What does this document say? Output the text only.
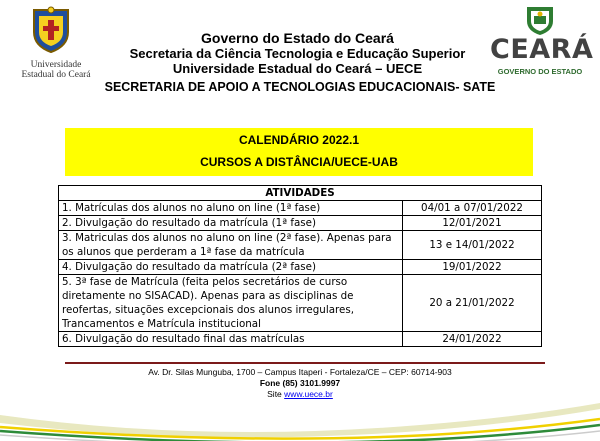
Universidade
Estadual do Ceará
CEARÁ
GOVERNO DO ESTADO
Governo do Estado do Ceará
Secretaria da Ciência Tecnologia e Educação Superior
Universidade Estadual do Ceará – UECE
SECRETARIA DE APOIO A TECNOLOGIAS EDUCACIONAIS- SATE
CALENDÁRIO 2022.1
CURSOS A DISTÂNCIA/UECE-UAB
ATIVIDADES	
1. Matrículas dos alunos no aluno on line (1ª fase)	04/01 a 07/01/2022
2. Divulgação do resultado da matrícula (1ª fase)	12/01/2021
3. Matriculas dos alunos no aluno on line (2ª fase). Apenas para os alunos que perderam a 1ª fase da matrícula	13 e 14/01/2022
4. Divulgação do resultado da matrícula (2ª fase)	19/01/2022
5. 3ª fase de Matrícula (feita pelos secretários de curso diretamente no SISACAD). Apenas para as disciplinas de reofertas, situações excepcionais dos alunos irregulares, Trancamentos e Matrícula institucional	20 a 21/01/2022
6. Divulgação do resultado final das matrículas	24/01/2022
Av. Dr. Silas Munguba, 1700 – Campus Itaperi - Fortaleza/CE – CEP: 60714-903
Fone (85) 3101.9997
Site www.uece.br
